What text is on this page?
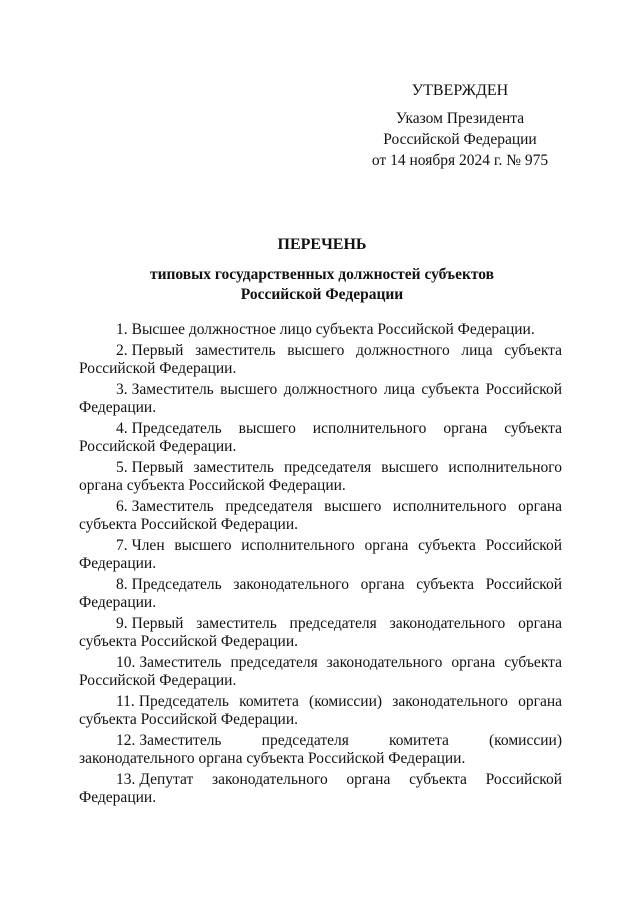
УТВЕРЖДЕН
Указом Президента
Российской Федерации
от 14 ноября 2024 г. № 975
ПЕРЕЧЕНЬ
типовых государственных должностей субъектов
Российской Федерации

1. Высшее должностное лицо субъекта Российской Федерации.

2. Первый заместитель высшего должностного лица субъекта Российской Федерации.

3. Заместитель высшего должностного лица субъекта Российской Федерации.

4. Председатель высшего исполнительного органа субъекта Российской Федерации.

5. Первый заместитель председателя высшего исполнительного органа субъекта Российской Федерации.

6. Заместитель председателя высшего исполнительного органа субъекта Российской Федерации.

7. Член высшего исполнительного органа субъекта Российской Федерации.

8. Председатель законодательного органа субъекта Российской Федерации.

9. Первый заместитель председателя законодательного органа субъекта Российской Федерации.

10. Заместитель председателя законодательного органа субъекта Российской Федерации.

11. Председатель комитета (комиссии) законодательного органа субъекта Российской Федерации.

12. Заместитель председателя комитета (комиссии) законодательного органа субъекта Российской Федерации.

13. Депутат законодательного органа субъекта Российской Федерации.
